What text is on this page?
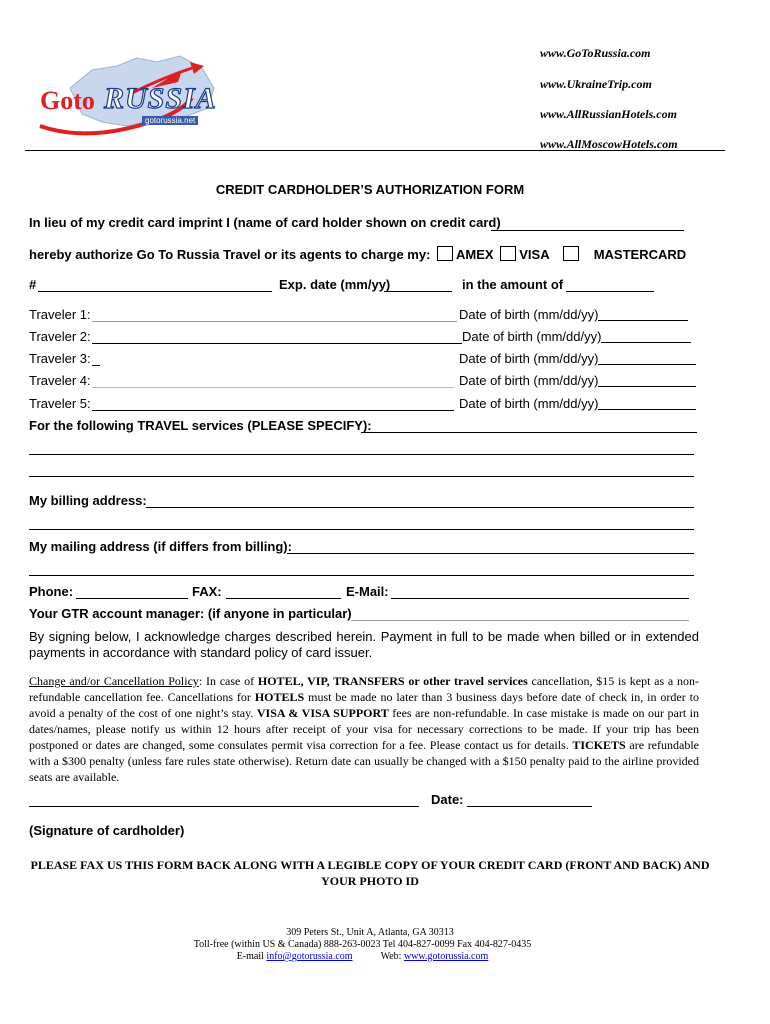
Goto RUSSIA
gotorussia.net
www.GoToRussia.com
www.UkraineTrip.com
www.AllRussianHotels.com
www.AllMoscowHotels.com
CREDIT CARDHOLDER’S AUTHORIZATION FORM
In lieu of my credit card imprint I (name of card holder shown on credit card)
hereby authorize Go To Russia Travel or its agents to charge my: AMEX VISA	MASTERCARD
#	Exp. date (mm/yy)	in the amount of
Traveler 1:	Date of birth (mm/dd/yy)
Traveler 2:	Date of birth (mm/dd/yy)
Traveler 3:	Date of birth (mm/dd/yy)
Traveler 4:	Date of birth (mm/dd/yy)
Traveler 5:	Date of birth (mm/dd/yy)
For the following TRAVEL services (PLEASE SPECIFY):
My billing address:
My mailing address (if differs from billing):
Phone:	FAX:	E-Mail:
Your GTR account manager: (if anyone in particular)
By signing below, I acknowledge charges described herein. Payment in full to be made when billed or in extended payments in accordance with standard policy of card issuer.
Change and/or Cancellation Policy: In case of HOTEL, VIP, TRANSFERS or other travel services cancellation, $15 is kept as a non-refundable cancellation fee. Cancellations for HOTELS must be made no later than 3 business days before date of check in, in order to avoid a penalty of the cost of one night’s stay. VISA & VISA SUPPORT fees are non-refundable. In case mistake is made on our part in dates/names, please notify us within 12 hours after receipt of your visa for necessary corrections to be made. If your trip has been postponed or dates are changed, some consulates permit visa correction for a fee. Please contact us for details. TICKETS are refundable with a $300 penalty (unless fare rules state otherwise). Return date can usually be changed with a $150 penalty paid to the airline provided seats are available.
Date:
(Signature of cardholder)
PLEASE FAX US THIS FORM BACK ALONG WITH A LEGIBLE COPY OF YOUR CREDIT CARD (FRONT AND BACK) AND YOUR PHOTO ID
309 Peters St., Unit A, Atlanta, GA 30313
Toll-free (within US & Canada) 888-263-0023 Tel 404-827-0099 Fax 404-827-0435
E-mail info@gotorussia.com	Web: www.gotorussia.com
